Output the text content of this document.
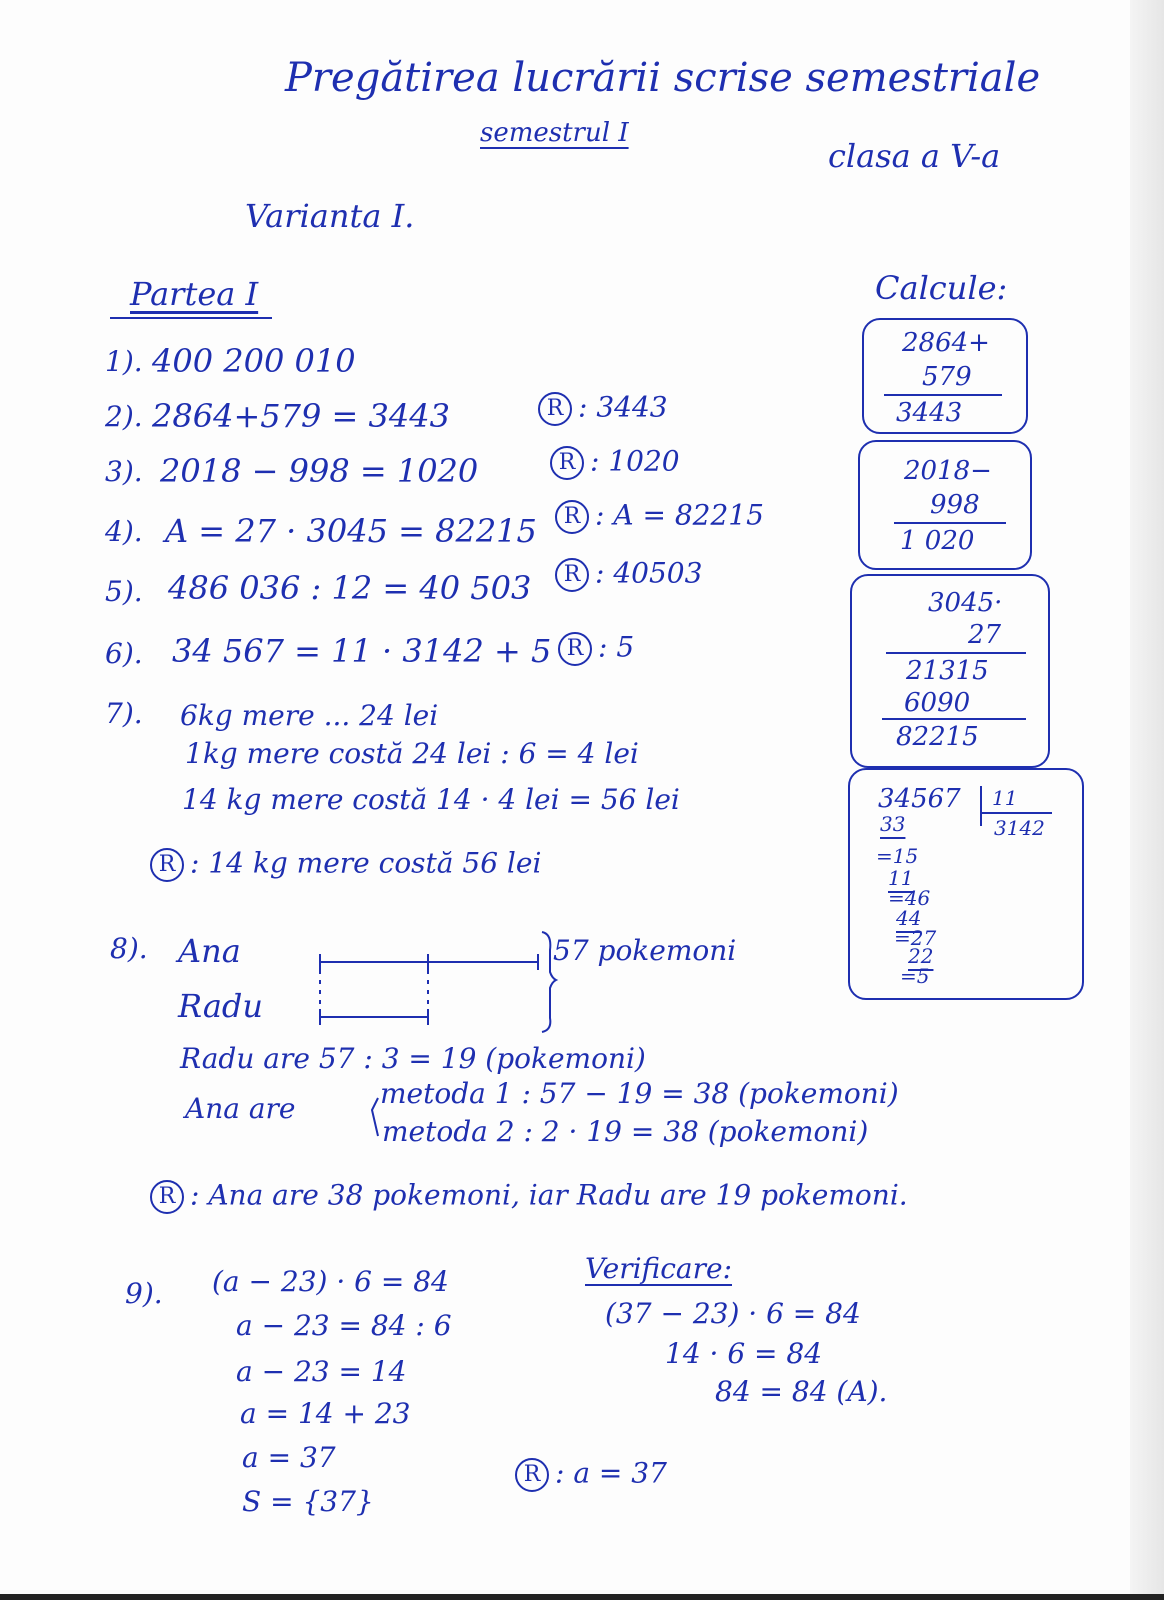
Pregătirea lucrării scrise semestriale
semestrul I
clasa a V-a
Varianta I.
Partea I	Calcule:
1). 400 200 010
2). 2864+579 = 3443	R : 3443
3). 2018 − 998 = 1020	R : 1020
4). A = 27 · 3045 = 82215	R : A = 82215
5). 486 036 : 12 = 40 503	R : 40503
6). 34 567 = 11 · 3142 + 5 R : 5
7). 6kg mere ... 24 lei
1kg mere costă 24 lei : 6 = 4 lei
14 kg mere costă 14 · 4 lei = 56 lei
R : 14 kg mere costă 56 lei
8). Ana
Radu
57 pokemoni
Radu are 57 : 3 = 19 (pokemoni)
Ana are	metoda 1 : 57 − 19 = 38 (pokemoni)
metoda 2 : 2 · 19 = 38 (pokemoni)
R : Ana are 38 pokemoni, iar Radu are 19 pokemoni.
9). (a − 23) · 6 = 84
a − 23 = 84 : 6
a − 23 = 14
a = 14 + 23
a = 37
S = {37}
Verificare:
(37 − 23) · 6 = 84
14 · 6 = 84
84 = 84 (A).
R : a = 37
2864+
579
3443
2018−
998
1 020
3045·
27
21315
6090
82215
34567 11
3142
33
=15
11
=46
44
=27
22
=5
